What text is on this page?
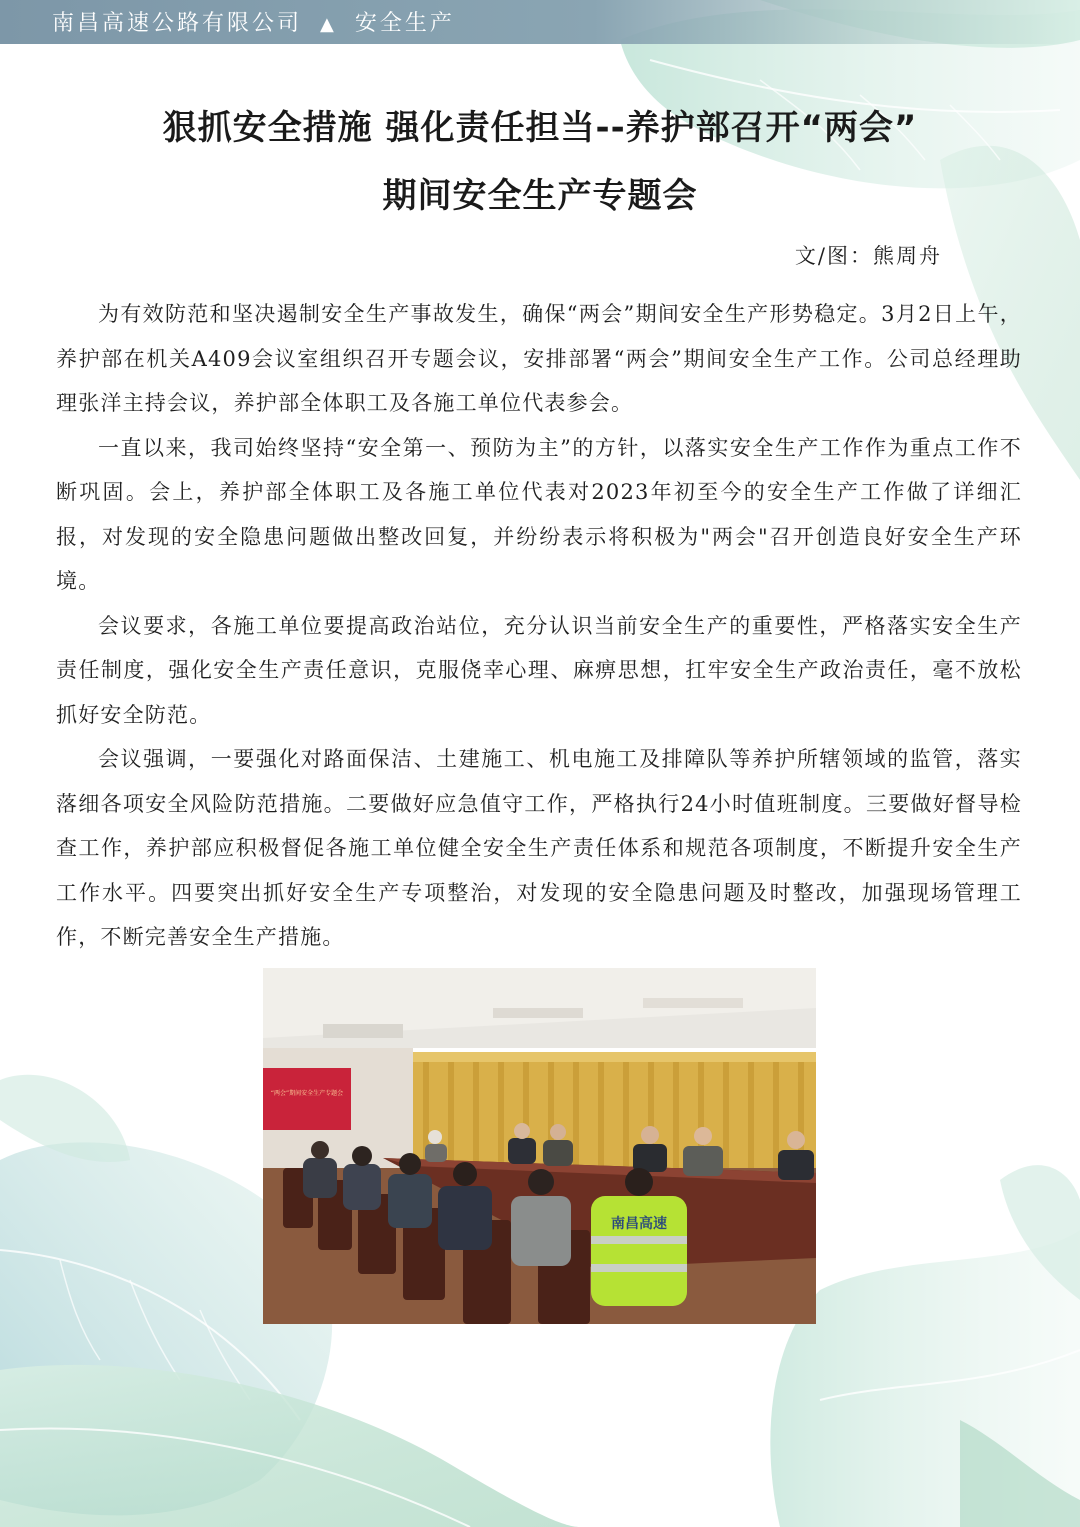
南昌高速公路有限公司 ▲ 安全生产
狠抓安全措施 强化责任担当--养护部召开“两会”
期间安全生产专题会
文/图：熊周舟

为有效防范和坚决遏制安全生产事故发生，确保“两会”期间安全生产形势稳定。3月2日上午，养护部在机关A409会议室组织召开专题会议，安排部署“两会”期间安全生产工作。公司总经理助理张洋主持会议，养护部全体职工及各施工单位代表参会。

一直以来，我司始终坚持“安全第一、预防为主”的方针，以落实安全生产工作作为重点工作不断巩固。会上，养护部全体职工及各施工单位代表对2023年初至今的安全生产工作做了详细汇报，对发现的安全隐患问题做出整改回复，并纷纷表示将积极为"两会"召开创造良好安全生产环境。

会议要求，各施工单位要提高政治站位，充分认识当前安全生产的重要性，严格落实安全生产责任制度，强化安全生产责任意识，克服侥幸心理、麻痹思想，扛牢安全生产政治责任，毫不放松抓好安全防范。

会议强调，一要强化对路面保洁、土建施工、机电施工及排障队等养护所辖领域的监管，落实落细各项安全风险防范措施。二要做好应急值守工作，严格执行24小时值班制度。三要做好督导检查工作，养护部应积极督促各施工单位健全安全生产责任体系和规范各项制度，不断提升安全生产工作水平。四要突出抓好安全生产专项整治，对发现的安全隐患问题及时整改，加强现场管理工作，不断完善安全生产措施。

“两会”期间安全生产专题会
南昌高速
